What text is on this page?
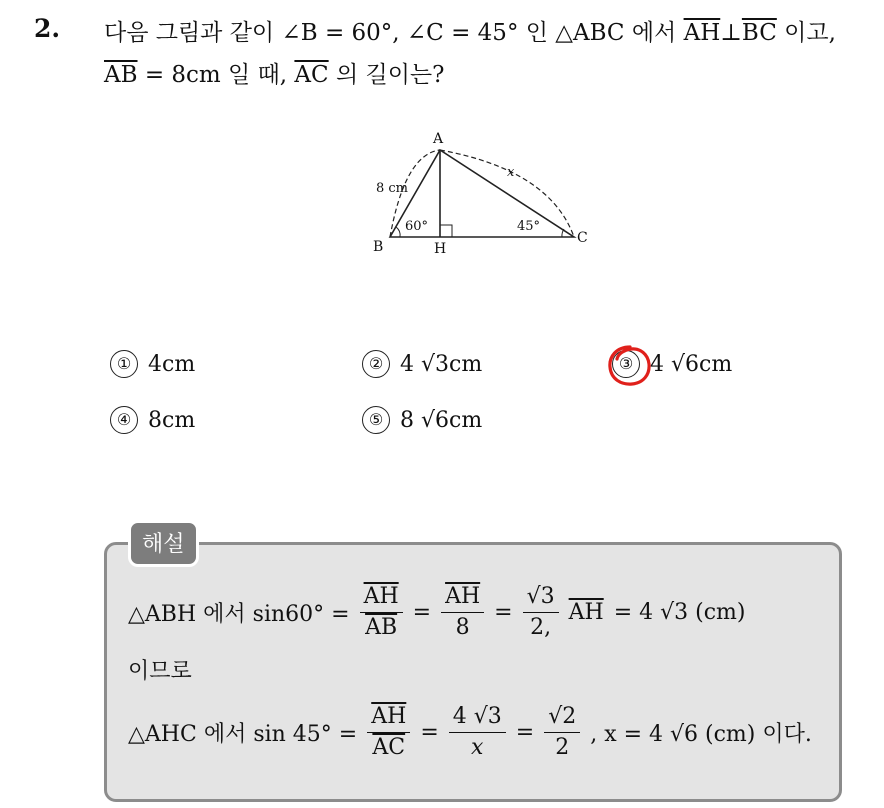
2. 다음 그림과 같이 ∠B = 60°, ∠C = 45° 인 △ABC 에서 $\overline{AH}\perp\overline{BC}$ 이고,
$\overline{AB} = 8cm$ 일 때, $\overline{AC}$ 의 길이는?
A
B
C
H
8 cm
x
60°	45°
① 4cm	② 4 √3cm	③ 4 √6cm
④ 8cm	⑤ 8 √6cm
해설
△ABH 에서 $\sin 60^\circ = \frac{\overline{AH}}{AB} = \frac{\overline{AH}}{8} = \frac{√3}{2,} \overline{AH} = 4$ √3 (cm)
이므로
△AHC 에서 $\sin 45^\circ = \frac{\overline{AH}}{AC} = \frac{4 √3}{x} = \frac{√2}{2}$ , x = 4 √6 (cm) 이다.
